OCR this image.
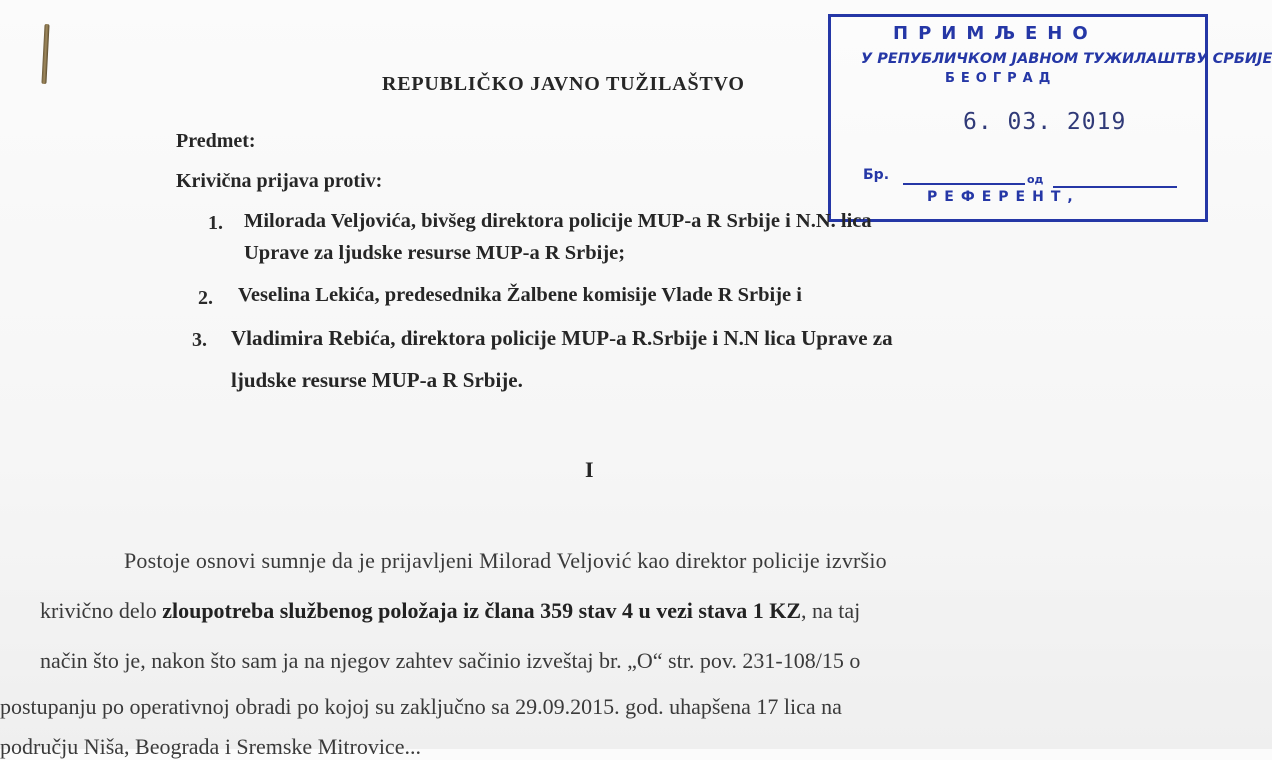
REPUBLIČKO JAVNO TUŽILAŠTVO
ПРИМЉЕНО
У РЕПУБЛИЧКОМ ЈАВНОМ ТУЖИЛАШТВУ СРБИЈЕ
БЕОГРАД
6. 03. 2019
Бр.	од
РЕФЕРЕНТ,
Predmet:
Krivična prijava protiv:
1. Milorada Veljovića, bivšeg direktora policije MUP-a R Srbije i N.N. lica
Uprave za ljudske resurse MUP-a R Srbije;
2. Veselina Lekića, predesednika Žalbene komisije Vlade R Srbije i
3. Vladimira Rebića, direktora policije MUP-a R.Srbije i N.N lica Uprave za
ljudske resurse MUP-a R Srbije.
I
Postoje osnovi sumnje da je prijavljeni Milorad Veljović kao direktor policije izvršio
krivično delo zloupotreba službenog položaja iz člana 359 stav 4 u vezi stava 1 KZ, na taj
način što je, nakon što sam ja na njegov zahtev sačinio izveštaj br. „O“ str. pov. 231-108/15 o
postupanju po operativnoj obradi po kojoj su zaključno sa 29.09.2015. god. uhapšena 17 lica na
području Niša, Beograda i Sremske Mitrovice...
